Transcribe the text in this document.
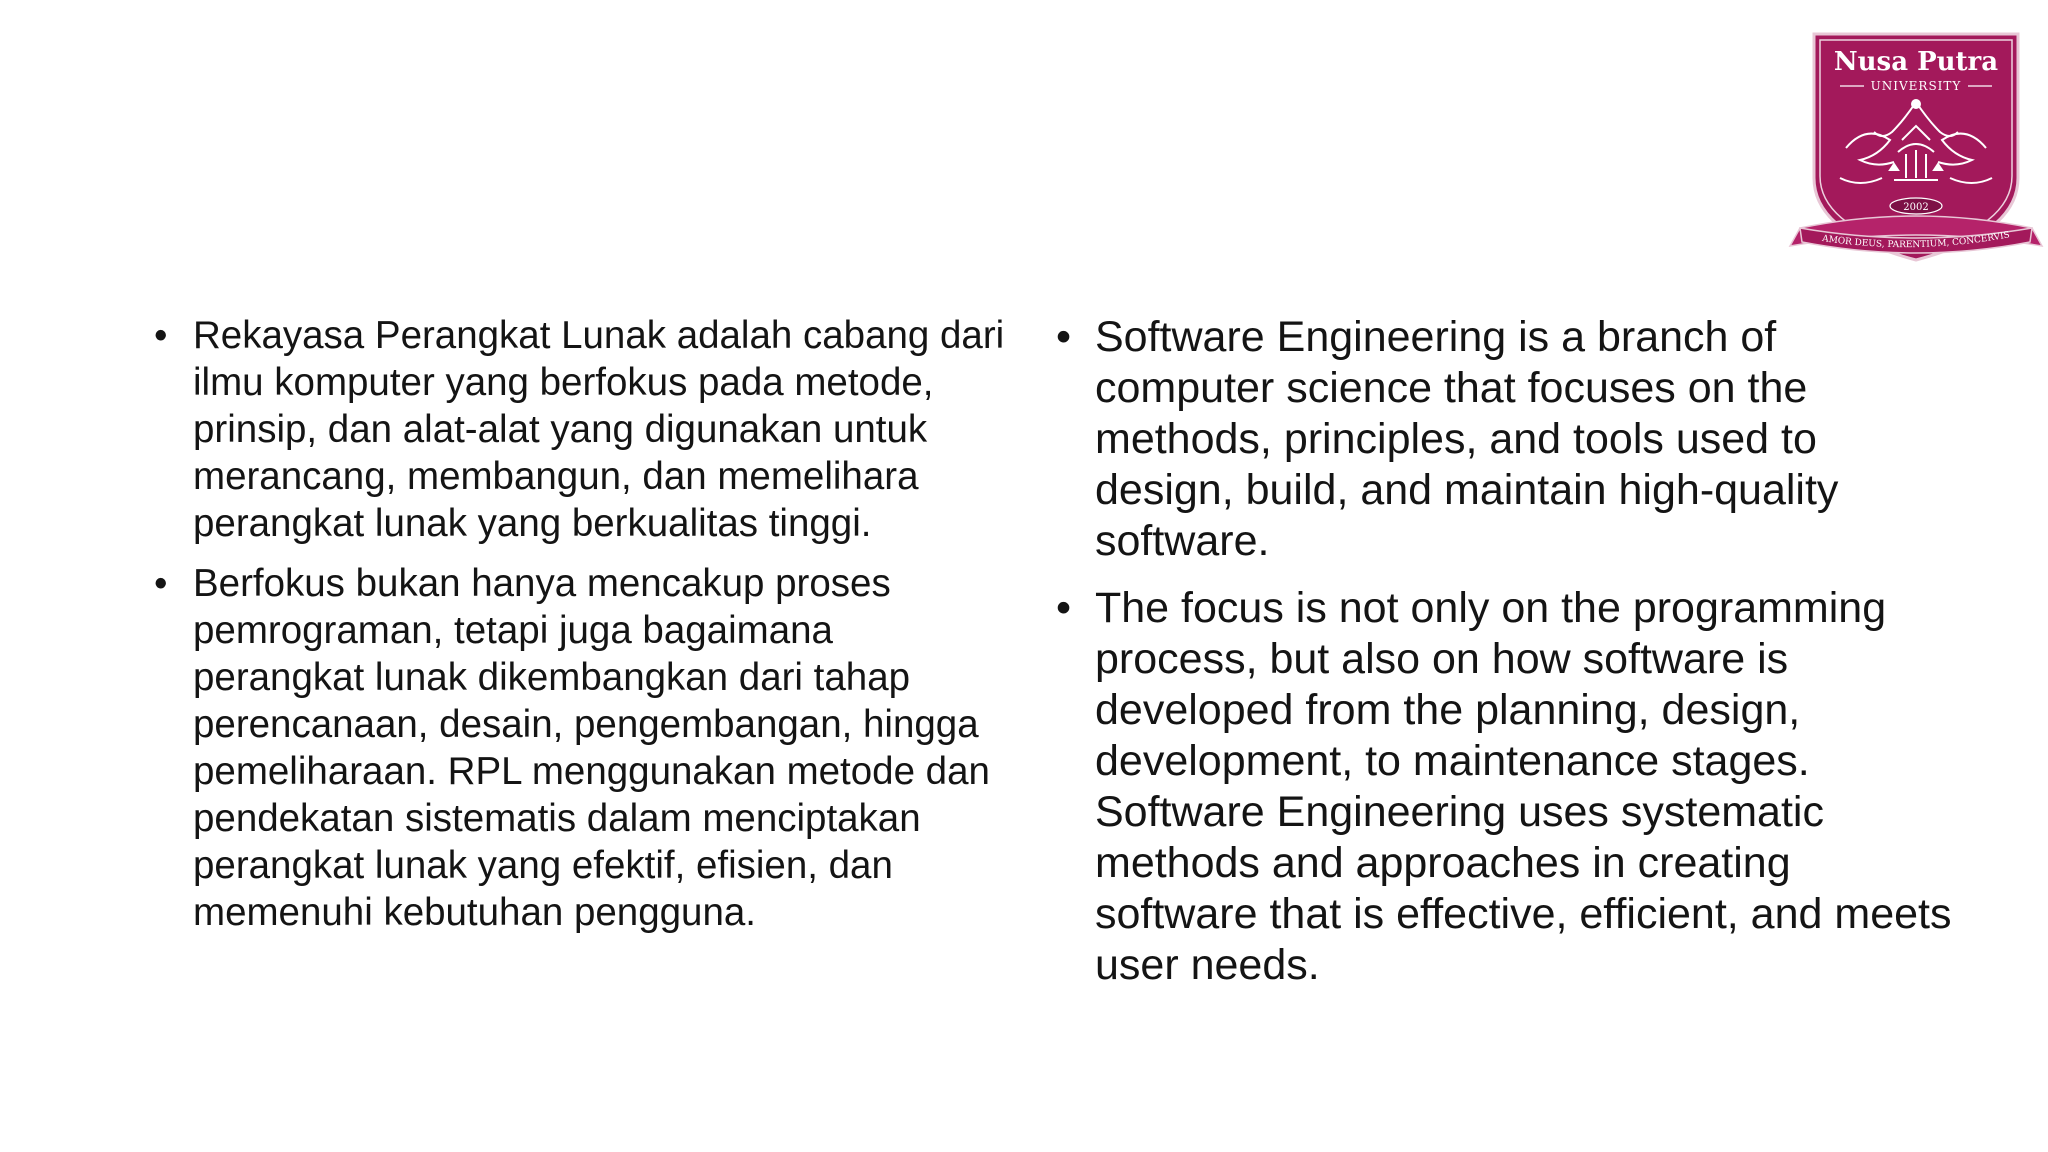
Nusa Putra
UNIVERSITY
2002
AMOR DEUS, PARENTIUM, CONCERVIS
• Rekayasa Perangkat Lunak adalah cabang dari ilmu komputer yang berfokus pada metode, prinsip, dan alat-alat yang digunakan untuk merancang, membangun, dan memelihara perangkat lunak yang berkualitas tinggi.
• Berfokus bukan hanya mencakup proses pemrograman, tetapi juga bagaimana perangkat lunak dikembangkan dari tahap perencanaan, desain, pengembangan, hingga pemeliharaan. RPL menggunakan metode dan pendekatan sistematis dalam menciptakan perangkat lunak yang efektif, efisien, dan memenuhi kebutuhan pengguna.
• Software Engineering is a branch of computer science that focuses on the methods, principles, and tools used to design, build, and maintain high-quality software.
• The focus is not only on the programming process, but also on how software is developed from the planning, design, development, to maintenance stages. Software Engineering uses systematic methods and approaches in creating software that is effective, efficient, and meets user needs.
